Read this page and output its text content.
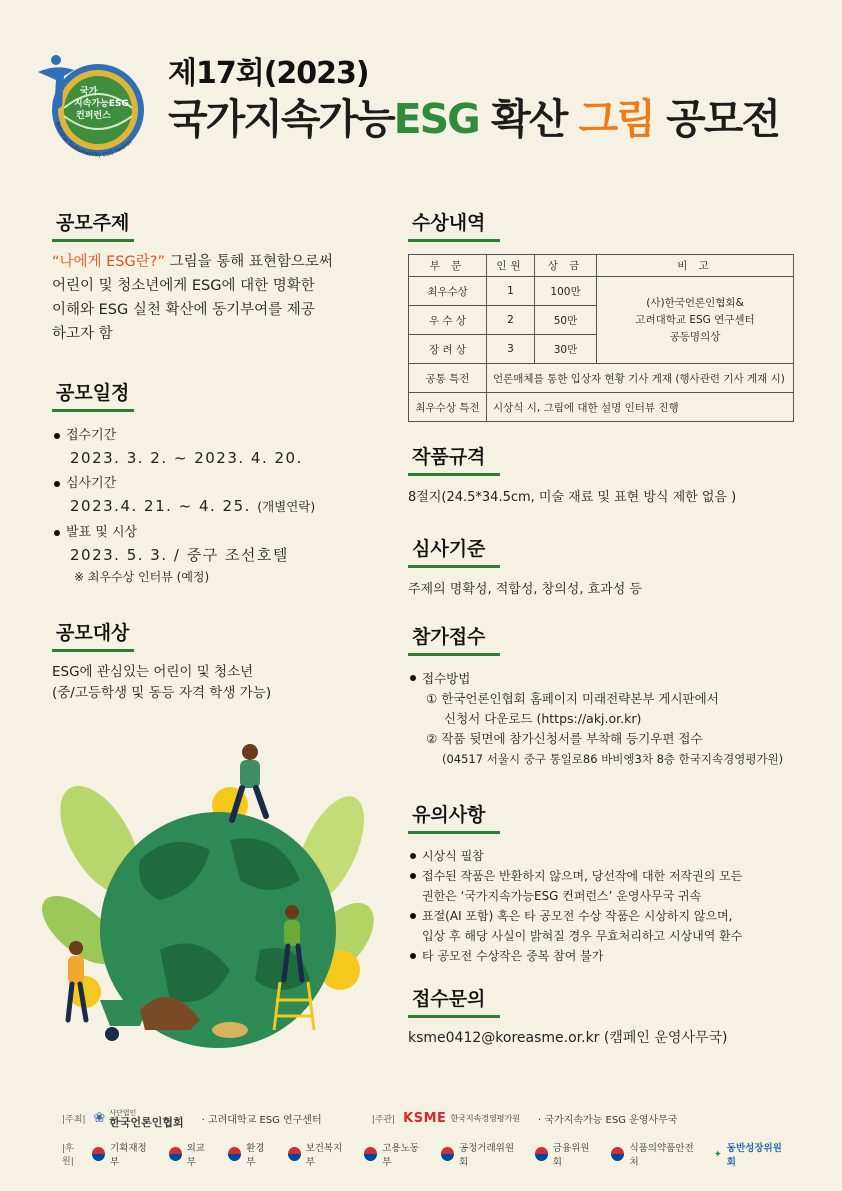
국가
지속가능ESG
컨퍼런스
National Sustainability ESG Awards
제17회(2023)
국가지속가능ESG 확산 그림 공모전
공모주제
“나에게 ESG란?” 그림을 통해 표현함으로써
어린이 및 청소년에게 ESG에 대한 명확한
이해와 ESG 실천 확산에 동기부여를 제공
하고자 함
공모일정
접수기간
2023. 3. 2. ~ 2023. 4. 20.
심사기간
2023.4. 21. ~ 4. 25. (개별연락)
발표 및 시상
2023. 5. 3. / 중구 조선호텔
※ 최우수상 인터뷰 (예정)
공모대상
ESG에 관심있는 어린이 및 청소년
(중/고등학생 및 동등 자격 학생 가능)
수상내역
부 문	인원	상 금	비 고
최우수상	1	100만	(사)한국언론인협회&
고려대학교 ESG 연구센터
공동명의상
우 수 상	2	50만	
장 려 상	3	30만	
공통 특전	언론매체를 통한 입상자 현황 기사 게재 (행사관련 기사 게재 시)		
최우수상 특전	시상식 시, 그림에 대한 설명 인터뷰 진행		
작품규격
8절지(24.5*34.5cm, 미술 재료 및 표현 방식 제한 없음 )
심사기준
주제의 명확성, 적합성, 창의성, 효과성 등
참가접수
접수방법
① 한국언론인협회 홈페이지 미래전략본부 게시판에서
신청서 다운로드 (https://akj.or.kr)
② 작품 뒷면에 참가신청서를 부착해 등기우편 접수
(04517 서울시 중구 통일로86 바비엥3차 8층 한국지속경영평가원)
유의사항
시상식 필참
접수된 작품은 반환하지 않으며, 당선작에 대한 저작권의 모든
권한은 ‘국가지속가능ESG 컨퍼런스’ 운영사무국 귀속
표절(AI 포함) 혹은 타 공모전 수상 작품은 시상하지 않으며,
입상 후 해당 사실이 밝혀질 경우 무효처리하고 시상내역 환수
타 공모전 수상작은 중복 참여 불가
접수문의
ksme0412@koreasme.or.kr (캠페인 운영사무국)
|주최| ❀ 사단법인
한국언론인협회 · 고려대학교 ESG 연구센터	|주관| KSME 한국지속경영평가원 · 국가지속가능 ESG 운영사무국
|후원|
기획재정부
외교부
환경부
보건복지부
고용노동부
공정거래위원회
금융위원회
식품의약품안전처
✦ 동반성장위원회
